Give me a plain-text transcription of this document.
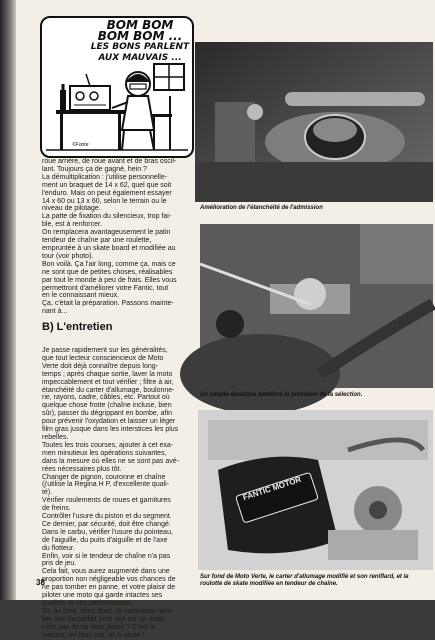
BOM BOM
BOM BOM ...
LES BONS PARLENT
AUX MAUVAIS ...
©Fonte

roue arrière, de roue avant et de bras oscil-

lant. Toujours ça de gagné, hein ?

La démultiplication : j'utilise personnelle-

ment un braquet de 14 x 62, quel que soit

l'enduro. Mais on peut également essayer

14 x 60 ou 13 x 60, selon le terrain ou le

niveau de pilotage.

La patte de fixation du silencieux, trop fai-

ble, est à renforcer.

On remplacera avantageusement le patin

tendeur de chaîne par une roulette,

empruntée à un skate board et modifiée au

tour (voir photo).

Bon voilà. Ça l'air long, comme ça, mais ce

ne sont que de petites choses, réalisables

par tout le monde à peu de frais. Elles vous

permettront d'améliorer votre Fantic, tout

en le connaissant mieux.

Ça, c'était la préparation. Passons mainte-

nant à...

B) L'entretien

Je passe rapidement sur les généralités,

que tout lecteur consciencieux de Moto

Verte doit déjà connaître depuis long-

temps ; après chaque sortie, laver la moto

impeccablement et tout vérifier ; filtre à air,

étanchéité du carter d'allumage, boulonne-

rie, rayons, cadre, câbles, etc. Partout où

quelque chose frotte (chaîne incluse, bien

sûr), passer du dégrippant en bombe, afin

pour prévenir l'oxydation et laisser un léger

film gras jusque dans les interstices les plus

rebelles.

Toutes les trois courses, ajouter à cet exa-

men minutieux les opérations suivantes,

dans la mesure où elles ne se sont pas avé-

rées nécessaires plus tôt.

Changer de pignon, couronne et chaîne

(j'utilise la Regina H P, d'excellente quali-

té).

Vérifier roulements de roues et garnitures

de freins.

Contrôler l'usure du piston et du segment.

Ce dernier, par sécurité, doit être changé.

Dans le carbu, vérifier l'usure du pointeau,

de l'aiguille, du puits d'aiguille et de l'axe

du flotteur.

Enfin, voir si le tendeur de chaîne n'a pas

pris de jeu.

Cela fait, vous aurez augmenté dans une

proportion non négligeable vos chances de

ne pas tomber en panne, et votre plaisir de

piloter une moto qui garde intactes ses

qualités et ses performances.

Or, au fond, dites donc, la motivation num-

ber one du parfait petit vert sur sa moto,

c'est pas de se faire plaisir ? C'est la

mienne, en tous cas, et la seule !

Amélioration de l'étanchéité de l'admission
Un simple élastique améliore la précision de la sélection.
FANTIC MOTOR
Sur fond de Moto Verte, le carter d'allumage modifié et son reniflard, et la roulotte de skate modifiée en tendeur de chaîne.
38
